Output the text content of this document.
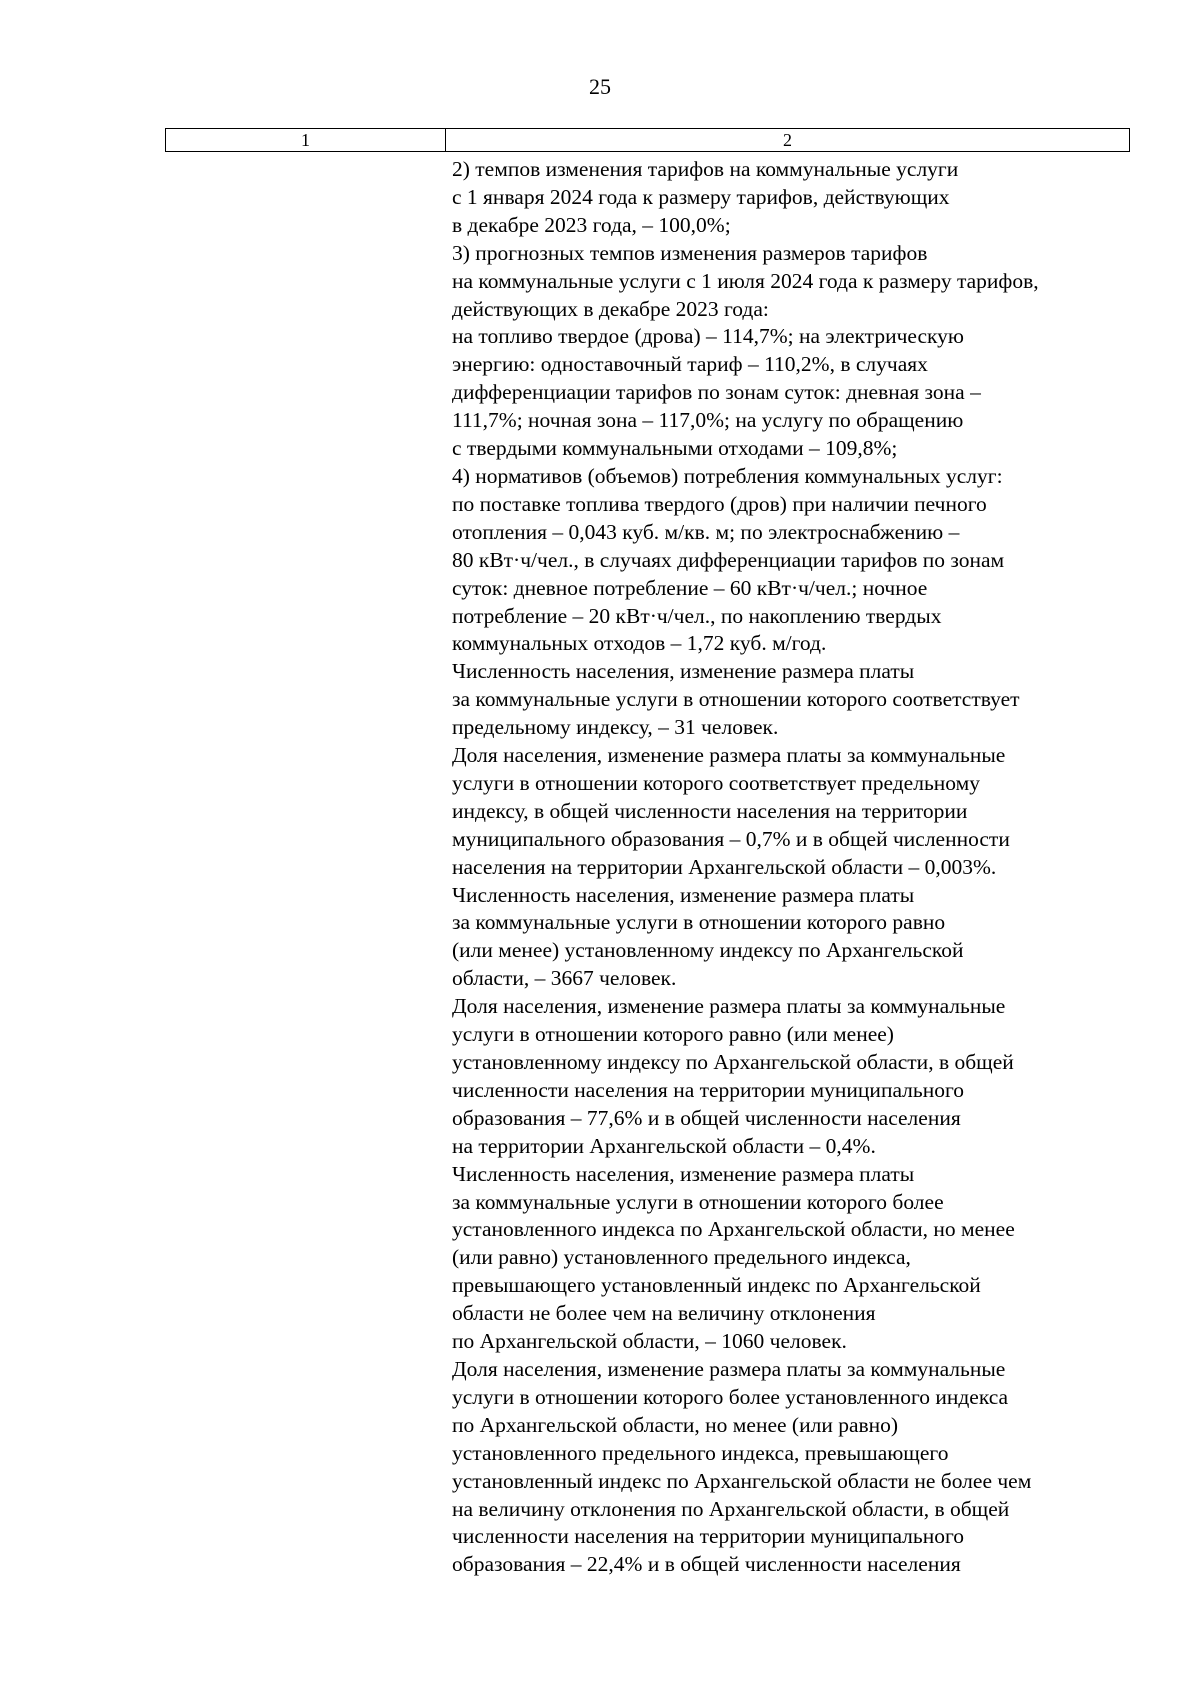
25
1	2
2) темпов изменения тарифов на коммунальные услуги
с 1 января 2024 года к размеру тарифов, действующих
в декабре 2023 года, – 100,0%;
3) прогнозных темпов изменения размеров тарифов
на коммунальные услуги с 1 июля 2024 года к размеру тарифов,
действующих в декабре 2023 года:
на топливо твердое (дрова) – 114,7%; на электрическую
энергию: одноставочный тариф – 110,2%, в случаях
дифференциации тарифов по зонам суток: дневная зона –
111,7%; ночная зона – 117,0%; на услугу по обращению
с твердыми коммунальными отходами – 109,8%;
4) нормативов (объемов) потребления коммунальных услуг:
по поставке топлива твердого (дров) при наличии печного
отопления – 0,043 куб. м/кв. м; по электроснабжению –
80 кВт·ч/чел., в случаях дифференциации тарифов по зонам
суток: дневное потребление – 60 кВт·ч/чел.; ночное
потребление – 20 кВт·ч/чел., по накоплению твердых
коммунальных отходов – 1,72 куб. м/год.
Численность населения, изменение размера платы
за коммунальные услуги в отношении которого соответствует
предельному индексу, – 31 человек.
Доля населения, изменение размера платы за коммунальные
услуги в отношении которого соответствует предельному
индексу, в общей численности населения на территории
муниципального образования – 0,7% и в общей численности
населения на территории Архангельской области – 0,003%.
Численность населения, изменение размера платы
за коммунальные услуги в отношении которого равно
(или менее) установленному индексу по Архангельской
области, – 3667 человек.
Доля населения, изменение размера платы за коммунальные
услуги в отношении которого равно (или менее)
установленному индексу по Архангельской области, в общей
численности населения на территории муниципального
образования – 77,6% и в общей численности населения
на территории Архангельской области – 0,4%.
Численность населения, изменение размера платы
за коммунальные услуги в отношении которого более
установленного индекса по Архангельской области, но менее
(или равно) установленного предельного индекса,
превышающего установленный индекс по Архангельской
области не более чем на величину отклонения
по Архангельской области, – 1060 человек.
Доля населения, изменение размера платы за коммунальные
услуги в отношении которого более установленного индекса
по Архангельской области, но менее (или равно)
установленного предельного индекса, превышающего
установленный индекс по Архангельской области не более чем
на величину отклонения по Архангельской области, в общей
численности населения на территории муниципального
образования – 22,4% и в общей численности населения
